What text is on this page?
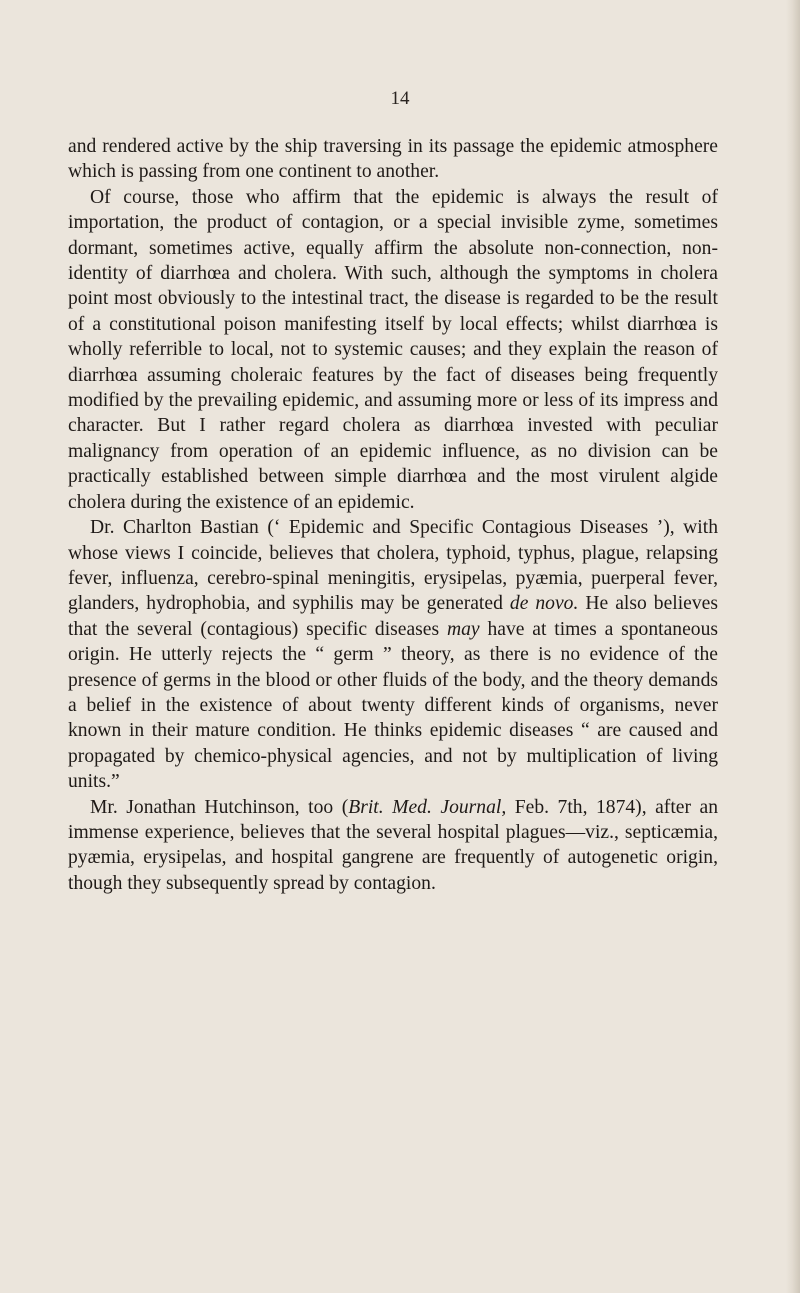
14

and rendered active by the ship traversing in its passage the epidemic atmosphere which is passing from one continent to another.

Of course, those who affirm that the epidemic is always the result of importation, the product of contagion, or a special invisible zyme, sometimes dormant, sometimes active, equally affirm the absolute non-connection, non-identity of diarrhœa and cholera. With such, although the symptoms in cholera point most obviously to the intestinal tract, the disease is regarded to be the result of a constitutional poison manifesting itself by local effects; whilst diarrhœa is wholly referrible to local, not to systemic causes; and they explain the reason of diarrhœa assuming choleraic features by the fact of diseases being frequently modified by the prevailing epidemic, and assuming more or less of its impress and character. But I rather regard cholera as diarrhœa invested with peculiar malignancy from operation of an epidemic influence, as no division can be practically established between simple diarrhœa and the most virulent algide cholera during the existence of an epidemic.

Dr. Charlton Bastian (‘ Epidemic and Specific Contagious Diseases ’), with whose views I coincide, believes that cholera, typhoid, typhus, plague, relapsing fever, influenza, cerebro-spinal meningitis, erysipelas, pyæmia, puerperal fever, glanders, hydrophobia, and syphilis may be generated de novo. He also believes that the several (contagious) specific diseases may have at times a spontaneous origin. He utterly rejects the “ germ ” theory, as there is no evidence of the presence of germs in the blood or other fluids of the body, and the theory demands a belief in the existence of about twenty different kinds of organisms, never known in their mature condition. He thinks epidemic diseases “ are caused and propagated by chemico-physical agencies, and not by multiplication of living units.”

Mr. Jonathan Hutchinson, too (Brit. Med. Journal, Feb. 7th, 1874), after an immense experience, believes that the several hospital plagues—viz., septicæmia, pyæmia, erysipelas, and hospital gangrene are frequently of autogenetic origin, though they subsequently spread by contagion.
